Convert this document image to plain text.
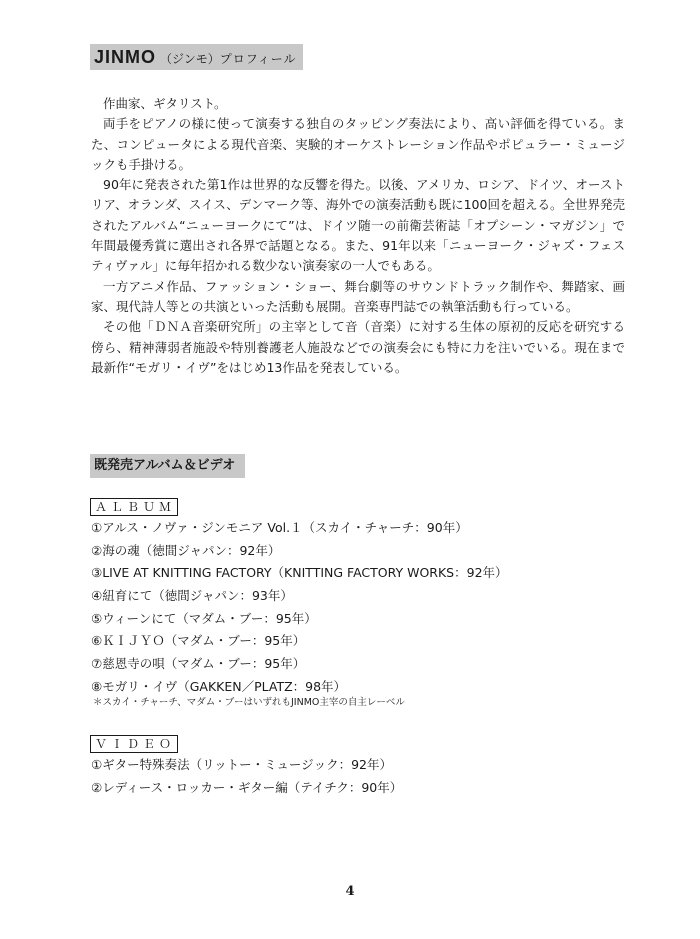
JINMO （ジンモ）プロフィール

作曲家、ギタリスト。

両手をピアノの様に使って演奏する独自のタッピング奏法により、高い評価を得ている。また、コンピュータによる現代音楽、実験的オーケストレーション作品やポピュラー・ミュージックも手掛ける。

90年に発表された第1作は世界的な反響を得た。以後、アメリカ、ロシア、ドイツ、オーストリア、オランダ、スイス、デンマーク等、海外での演奏活動も既に100回を超える。全世界発売されたアルバム“ニューヨークにて”は、ドイツ随一の前衛芸術誌「オプシーン・マガジン」で年間最優秀賞に選出され各界で話題となる。また、91年以来「ニューヨーク・ジャズ・フェスティヴァル」に毎年招かれる数少ない演奏家の一人でもある。

一方アニメ作品、ファッション・ショー、舞台劇等のサウンドトラック制作や、舞踏家、画家、現代詩人等との共演といった活動も展開。音楽専門誌での執筆活動も行っている。

その他「ＤＮＡ音楽研究所」の主宰として音（音楽）に対する生体の原初的反応を研究する傍ら、精神薄弱者施設や特別養護老人施設などでの演奏会にも特に力を注いでいる。現在まで最新作“モガリ・イヴ”をはじめ13作品を発表している。

既発売アルバム＆ビデオ
ＡＬＢＵＭ
①アルス・ノヴァ・ジンモニア Vol.１（スカイ・チャーチ：90年）
②海の魂（徳間ジャパン：92年）
③LIVE AT KNITTING FACTORY（KNITTING FACTORY WORKS：92年）
④紐育にて（徳間ジャパン：93年）
⑤ウィーンにて（マダム・ブー：95年）
⑥ＫＩＪＹＯ（マダム・ブー：95年）
⑦慈恩寺の唄（マダム・ブー：95年）
⑧モガリ・イヴ（GAKKEN／PLATZ：98年）
＊スカイ・チャーチ、マダム・ブーはいずれもJINMO主宰の自主レーベル
ＶＩＤＥＯ
①ギター特殊奏法（リットー・ミュージック：92年）
②レディース・ロッカー・ギター編（テイチク：90年）
4
